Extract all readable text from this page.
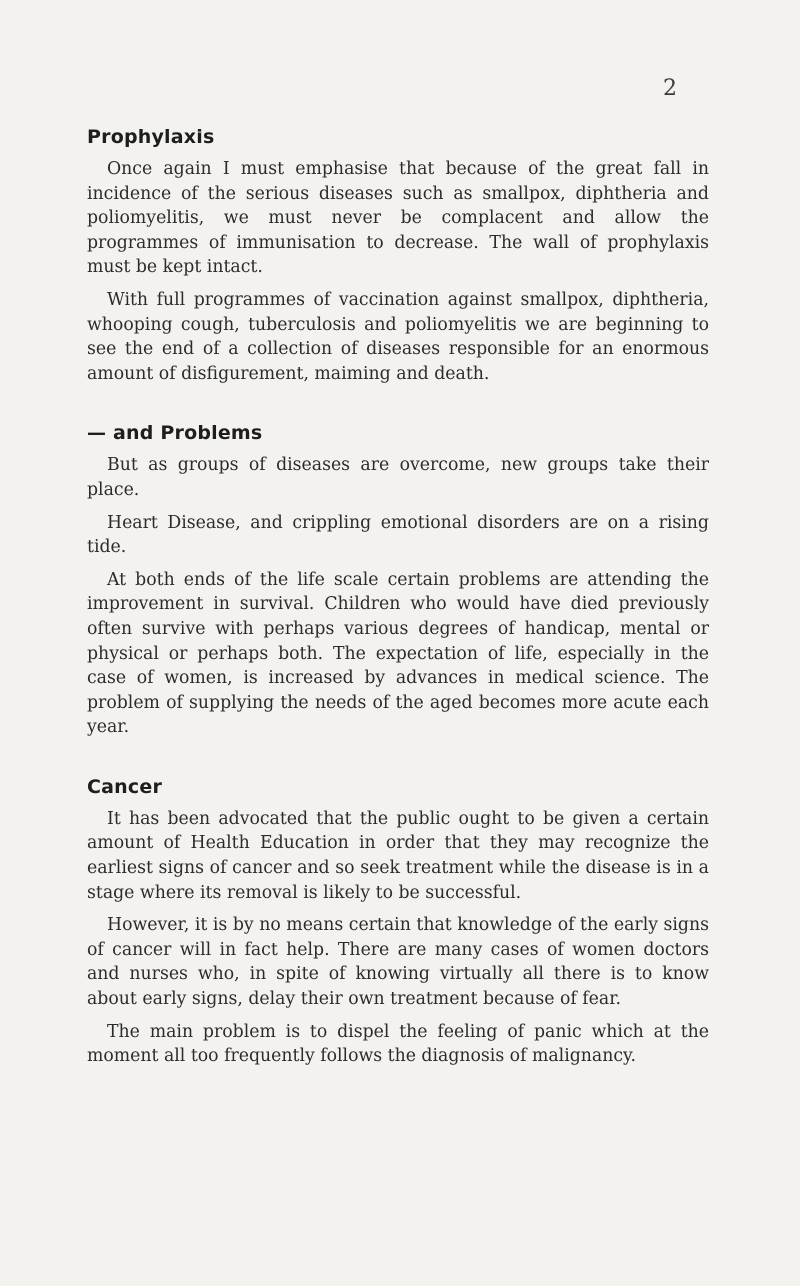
2
Prophylaxis

Once again I must emphasise that because of the great fall in incidence of the serious diseases such as smallpox, diphtheria and poliomyelitis, we must never be complacent and allow the programmes of immunisation to decrease. The wall of prophylaxis must be kept intact.

With full programmes of vaccination against smallpox, diphtheria, whooping cough, tuberculosis and poliomyelitis we are beginning to see the end of a collection of diseases responsible for an enormous amount of disfigurement, maiming and death.

— and Problems

But as groups of diseases are overcome, new groups take their place.

Heart Disease, and crippling emotional disorders are on a rising tide.

At both ends of the life scale certain problems are attending the improvement in survival. Children who would have died previously often survive with perhaps various degrees of handicap, mental or physical or perhaps both. The expectation of life, especially in the case of women, is increased by advances in medical science. The problem of supplying the needs of the aged becomes more acute each year.

Cancer

It has been advocated that the public ought to be given a certain amount of Health Education in order that they may recognize the earliest signs of cancer and so seek treatment while the disease is in a stage where its removal is likely to be successful.

However, it is by no means certain that knowledge of the early signs of cancer will in fact help. There are many cases of women doctors and nurses who, in spite of knowing virtually all there is to know about early signs, delay their own treatment because of fear.

The main problem is to dispel the feeling of panic which at the moment all too frequently follows the diagnosis of malignancy.
